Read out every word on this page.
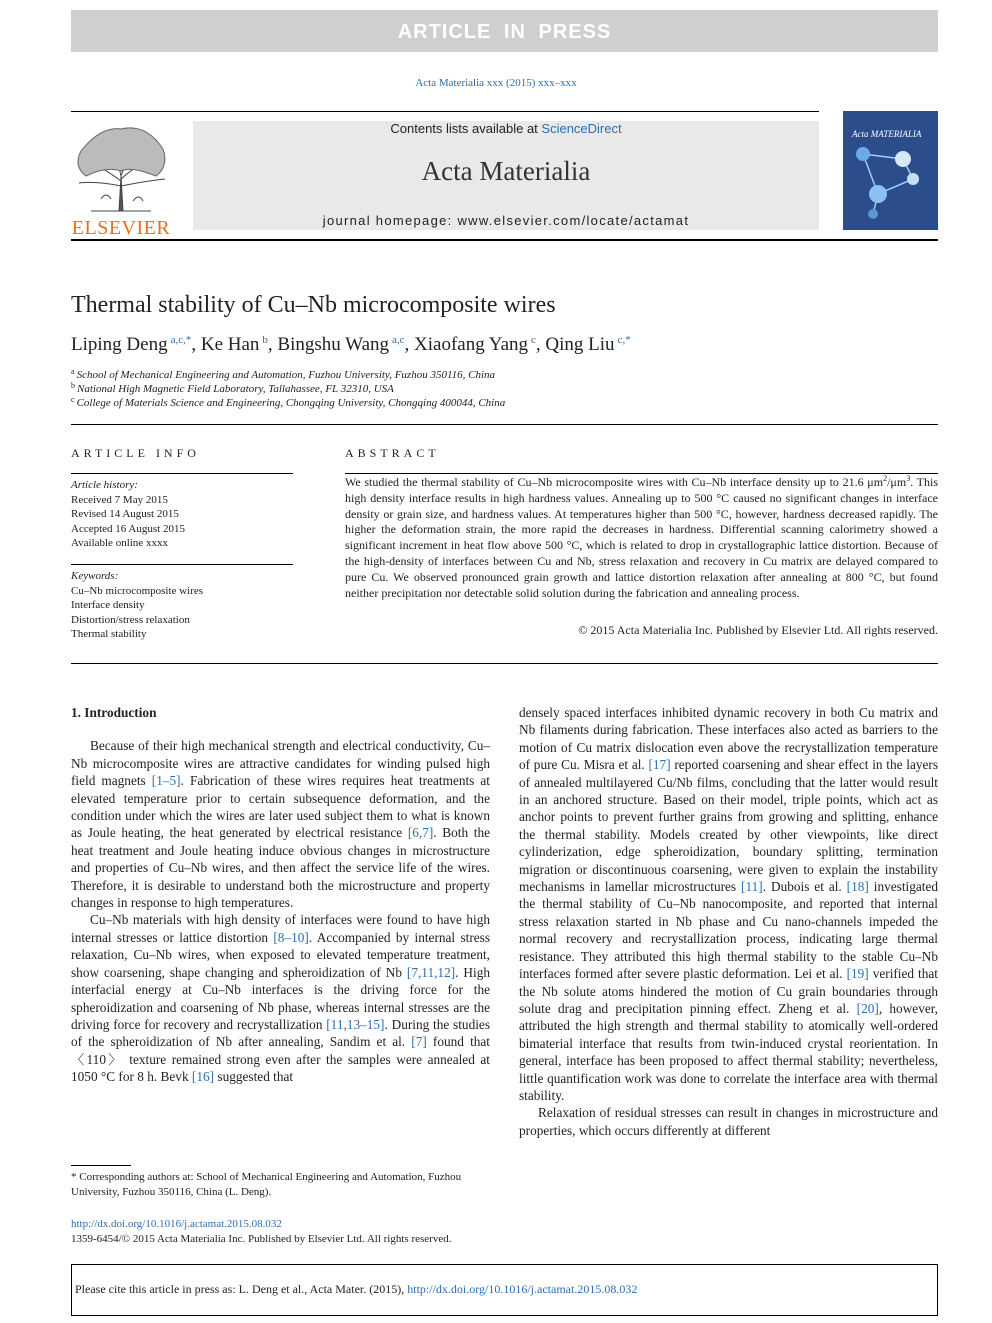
ARTICLE IN PRESS
Acta Materialia xxx (2015) xxx–xxx
ELSEVIER
Contents lists available at ScienceDirect
Acta Materialia
journal homepage: www.elsevier.com/locate/actamat
Acta MATERIALIA
Thermal stability of Cu–Nb microcomposite wires
Liping Deng $^{a,c,*}$, Ke Han $^b$, Bingshu Wang $^{a,c}$, Xiaofang Yang $^c$, Qing Liu $^{c,*}$
$^a$ School of Mechanical Engineering and Automation, Fuzhou University, Fuzhou 350116, China
$^b$ National High Magnetic Field Laboratory, Tallahassee, FL 32310, USA
$^c$ College of Materials Science and Engineering, Chongqing University, Chongqing 400044, China
ARTICLE INFO
Article history:
Received 7 May 2015
Revised 14 August 2015
Accepted 16 August 2015
Available online xxxx
Keywords:
Cu–Nb microcomposite wires
Interface density
Distortion/stress relaxation
Thermal stability
ABSTRACT
We studied the thermal stability of Cu–Nb microcomposite wires with Cu–Nb interface density up to 21.6 $\mu m^2/\mu m^3$. This high density interface results in high hardness values. Annealing up to 500 °C caused no significant changes in interface density or grain size, and hardness values. At temperatures higher than 500 °C, however, hardness decreased rapidly. The higher the deformation strain, the more rapid the decreases in hardness. Differential scanning calorimetry showed a significant increment in heat flow above 500 °C, which is related to drop in crystallographic lattice distortion. Because of the high-density of interfaces between Cu and Nb, stress relaxation and recovery in Cu matrix are delayed compared to pure Cu. We observed pronounced grain growth and lattice distortion relaxation after annealing at 800 °C, but found neither precipitation nor detectable solid solution during the fabrication and annealing process.
© 2015 Acta Materialia Inc. Published by Elsevier Ltd. All rights reserved.

1. Introduction

Because of their high mechanical strength and electrical conductivity, Cu–Nb microcomposite wires are attractive candidates for winding pulsed high field magnets [1–5]. Fabrication of these wires requires heat treatments at elevated temperature prior to certain subsequence deformation, and the condition under which the wires are later used subject them to what is known as Joule heating, the heat generated by electrical resistance [6,7]. Both the heat treatment and Joule heating induce obvious changes in microstructure and properties of Cu–Nb wires, and then affect the service life of the wires. Therefore, it is desirable to understand both the microstructure and property changes in response to high temperatures.

Cu–Nb materials with high density of interfaces were found to have high internal stresses or lattice distortion [8–10]. Accompanied by internal stress relaxation, Cu–Nb wires, when exposed to elevated temperature treatment, show coarsening, shape changing and spheroidization of Nb [7,11,12]. High interfacial energy at Cu–Nb interfaces is the driving force for the spheroidization and coarsening of Nb phase, whereas internal stresses are the driving force for recovery and recrystallization [11,13–15]. During the studies of the spheroidization of Nb after annealing, Sandim et al. [7] found that 〈110〉 texture remained strong even after the samples were annealed at 1050 °C for 8 h. Bevk [16] suggested that

densely spaced interfaces inhibited dynamic recovery in both Cu matrix and Nb filaments during fabrication. These interfaces also acted as barriers to the motion of Cu matrix dislocation even above the recrystallization temperature of pure Cu. Misra et al. [17] reported coarsening and shear effect in the layers of annealed multilayered Cu/Nb films, concluding that the latter would result in an anchored structure. Based on their model, triple points, which act as anchor points to prevent further grains from growing and splitting, enhance the thermal stability. Models created by other viewpoints, like direct cylinderization, edge spheroidization, boundary splitting, termination migration or discontinuous coarsening, were given to explain the instability mechanisms in lamellar microstructures [11]. Dubois et al. [18] investigated the thermal stability of Cu–Nb nanocomposite, and reported that internal stress relaxation started in Nb phase and Cu nano-channels impeded the normal recovery and recrystallization process, indicating large thermal resistance. They attributed this high thermal stability to the stable Cu–Nb interfaces formed after severe plastic deformation. Lei et al. [19] verified that the Nb solute atoms hindered the motion of Cu grain boundaries through solute drag and precipitation pinning effect. Zheng et al. [20], however, attributed the high strength and thermal stability to atomically well-ordered bimaterial interface that results from twin-induced crystal reorientation. In general, interface has been proposed to affect thermal stability; nevertheless, little quantification work was done to correlate the interface area with thermal stability.

Relaxation of residual stresses can result in changes in microstructure and properties, which occurs differently at different

* Corresponding authors at: School of Mechanical Engineering and Automation, Fuzhou University, Fuzhou 350116, China (L. Deng).
http://dx.doi.org/10.1016/j.actamat.2015.08.032
1359-6454/© 2015 Acta Materialia Inc. Published by Elsevier Ltd. All rights reserved.
Please cite this article in press as: L. Deng et al., Acta Mater. (2015), http://dx.doi.org/10.1016/j.actamat.2015.08.032
